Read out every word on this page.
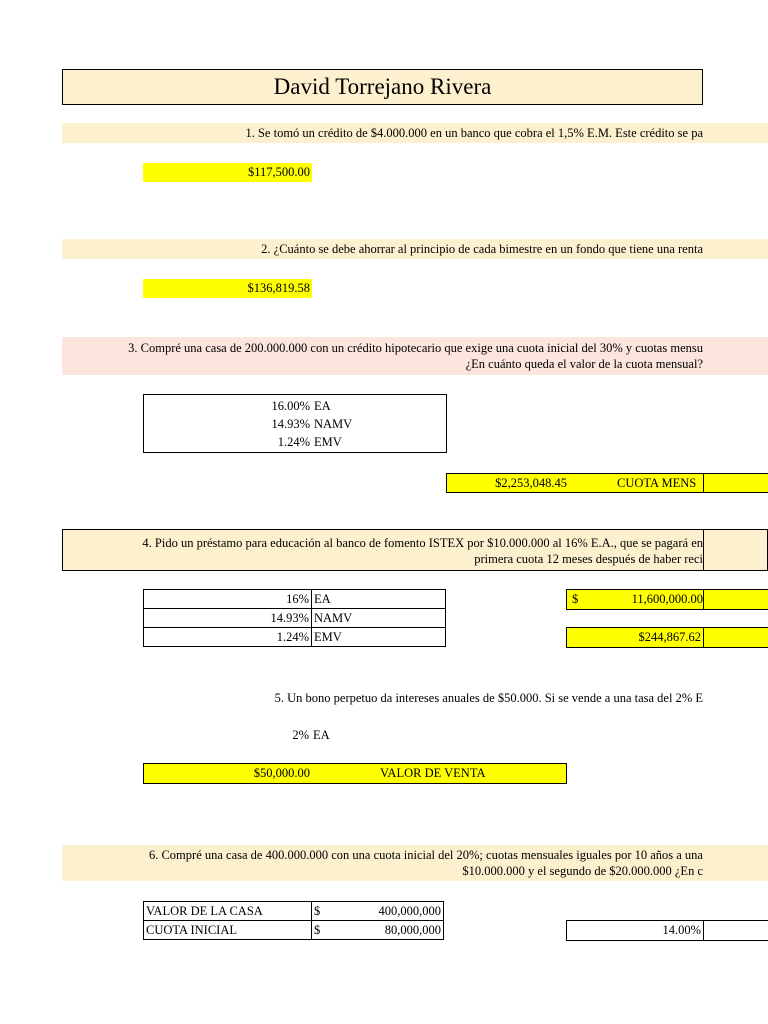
David Torrejano Rivera
1. Se tomó un crédito de $4.000.000 en un banco que cobra el 1,5% E.M. Este crédito se pa
$117,500.00
2. ¿Cuánto se debe ahorrar al principio de cada bimestre en un fondo que tiene una renta
$136,819.58
3. Compré una casa de 200.000.000 con un crédito hipotecario que exige una cuota inicial del 30% y cuotas mensu
¿En cuánto queda el valor de la cuota mensual?
16.00% EA
14.93% NAMV
1.24% EMV
$2,253,048.45	CUOTA MENS
4. Pido un préstamo para educación al banco de fomento ISTEX por $10.000.000 al 16% E.A., que se pagará en
primera cuota 12 meses después de haber reci
16%	EA
14.93%	NAMV
1.24%	EMV
$	11,600,000.00
$244,867.62
5. Un bono perpetuo da intereses anuales de $50.000. Si se vende a una tasa del 2% E
2% EA
$50,000.00	VALOR DE VENTA
6. Compré una casa de 400.000.000 con una cuota inicial del 20%; cuotas mensuales iguales por 10 años a una
$10.000.000 y el segundo de $20.000.000 ¿En c
VALOR DE LA CASA	$	400,000,000
CUOTA INICIAL	$	80,000,000	14.00%
